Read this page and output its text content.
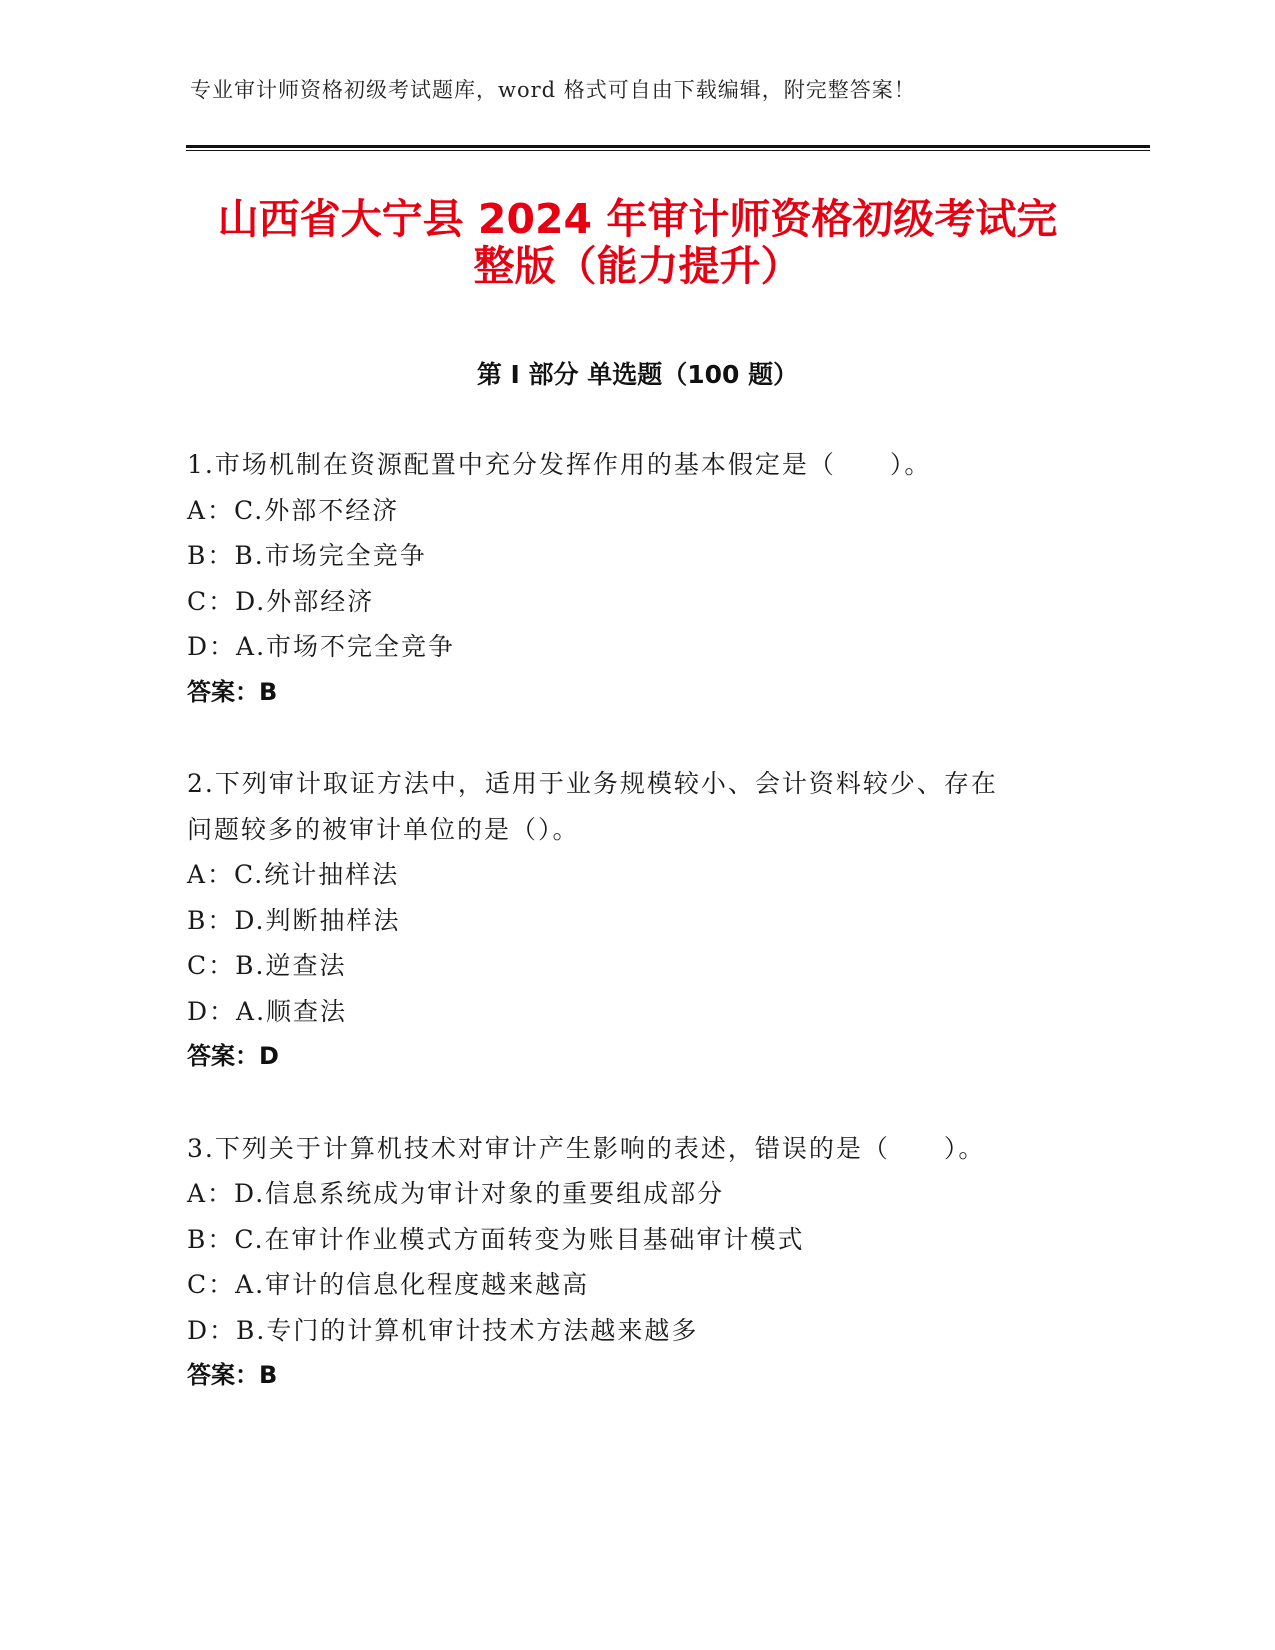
专业审计师资格初级考试题库，word 格式可自由下载编辑，附完整答案！
山西省大宁县 2024 年审计师资格初级考试完
整版（能力提升）
第 I 部分 单选题（100 题）
1.市场机制在资源配置中充分发挥作用的基本假定是（　　）。
A：C.外部不经济
B：B.市场完全竞争
C：D.外部经济
D：A.市场不完全竞争
答案：B
2.下列审计取证方法中，适用于业务规模较小、会计资料较少、存在
问题较多的被审计单位的是（）。
A：C.统计抽样法
B：D.判断抽样法
C：B.逆查法
D：A.顺查法
答案：D
3.下列关于计算机技术对审计产生影响的表述，错误的是（　　）。
A：D.信息系统成为审计对象的重要组成部分
B：C.在审计作业模式方面转变为账目基础审计模式
C：A.审计的信息化程度越来越高
D：B.专门的计算机审计技术方法越来越多
答案：B
